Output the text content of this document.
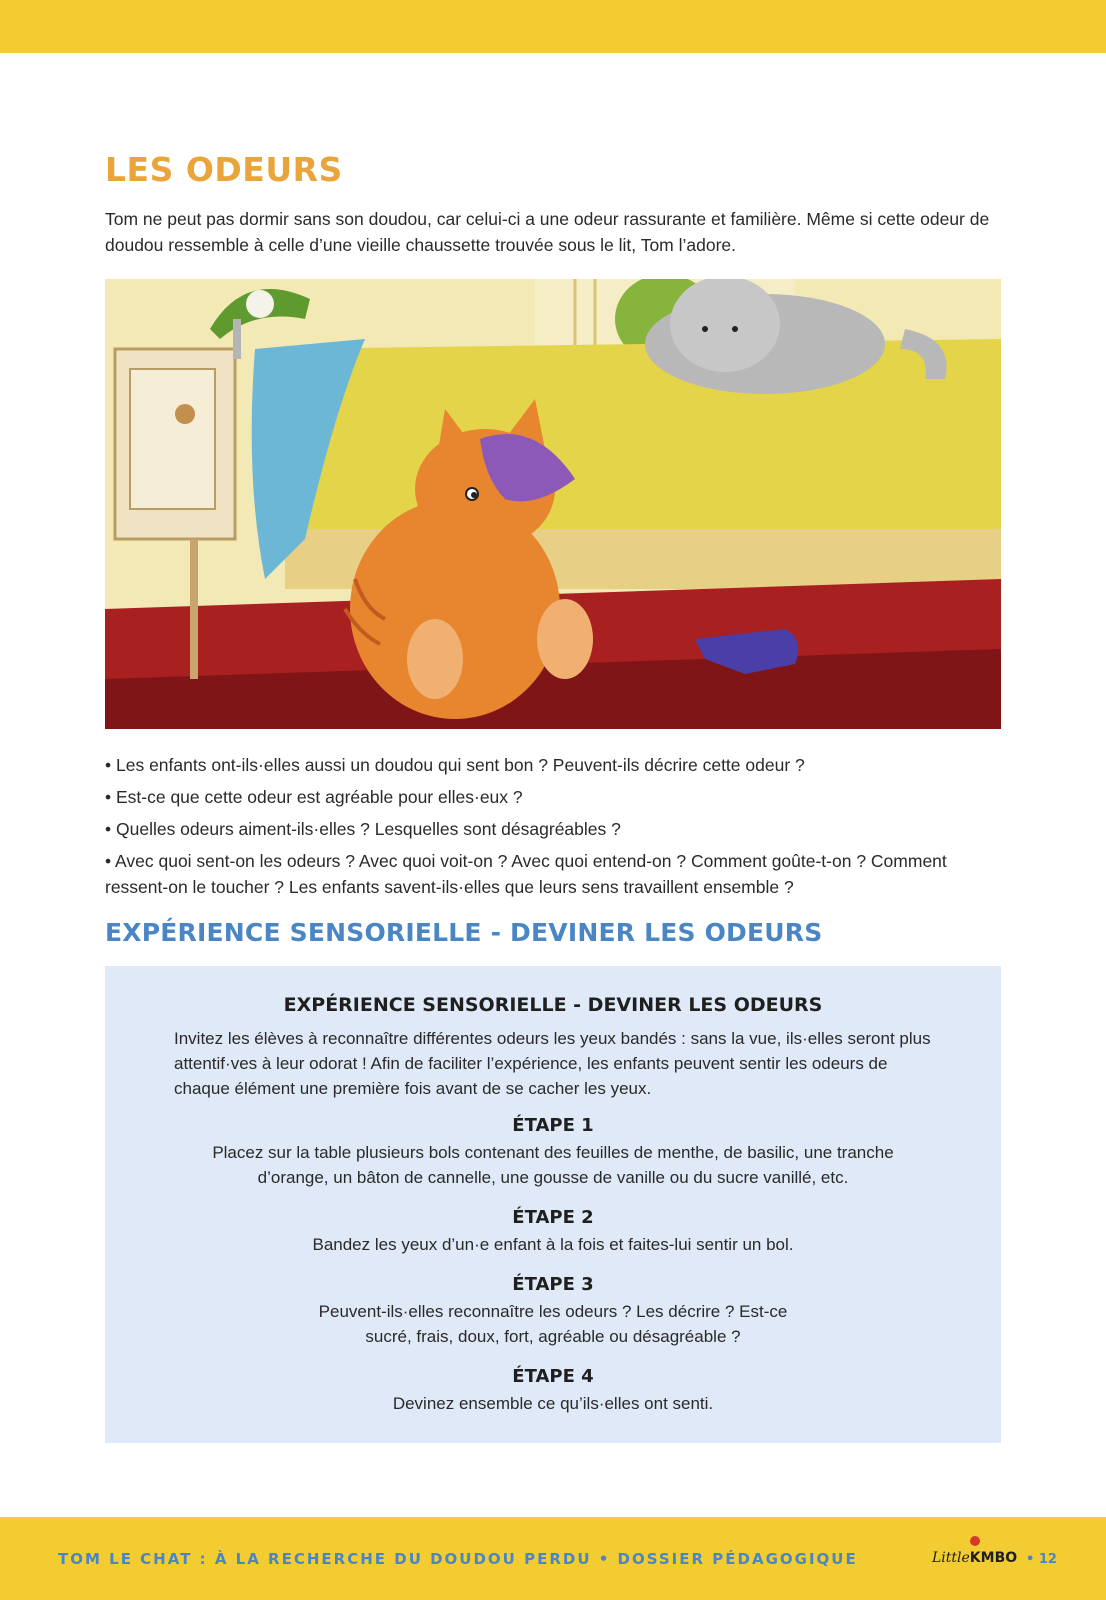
LES ODEURS

Tom ne peut pas dormir sans son doudou, car celui-ci a une odeur rassurante et familière. Même si cette odeur de doudou ressemble à celle d’une vieille chaussette trouvée sous le lit, Tom l’adore.

• Les enfants ont-ils·elles aussi un doudou qui sent bon ? Peuvent-ils décrire cette odeur ?
• Est-ce que cette odeur est agréable pour elles·eux ?
• Quelles odeurs aiment-ils·elles ? Lesquelles sont désagréables ?
• Avec quoi sent-on les odeurs ? Avec quoi voit-on ? Avec quoi entend-on ? Comment goûte-t-on ? Comment ressent-on le toucher ? Les enfants savent-ils·elles que leurs sens travaillent ensemble ?
EXPÉRIENCE SENSORIELLE - DEVINER LES ODEURS
EXPÉRIENCE SENSORIELLE - DEVINER LES ODEURS

Invitez les élèves à reconnaître différentes odeurs les yeux bandés : sans la vue, ils·elles seront plus attentif·ves à leur odorat ! Afin de faciliter l’expérience, les enfants peuvent sentir les odeurs de chaque élément une première fois avant de se cacher les yeux.

ÉTAPE 1

Placez sur la table plusieurs bols contenant des feuilles de menthe, de basilic, une tranche d’orange, un bâton de cannelle, une gousse de vanille ou du sucre vanillé, etc.

ÉTAPE 2

Bandez les yeux d’un·e enfant à la fois et faites-lui sentir un bol.

ÉTAPE 3

Peuvent-ils·elles reconnaître les odeurs ? Les décrire ? Est-ce sucré, frais, doux, fort, agréable ou désagréable ?

ÉTAPE 4

Devinez ensemble ce qu’ils·elles ont senti.

TOM LE CHAT : À LA RECHERCHE DU DOUDOU PERDU • DOSSIER PÉDAGOGIQUE	LittleKMBO • 12
